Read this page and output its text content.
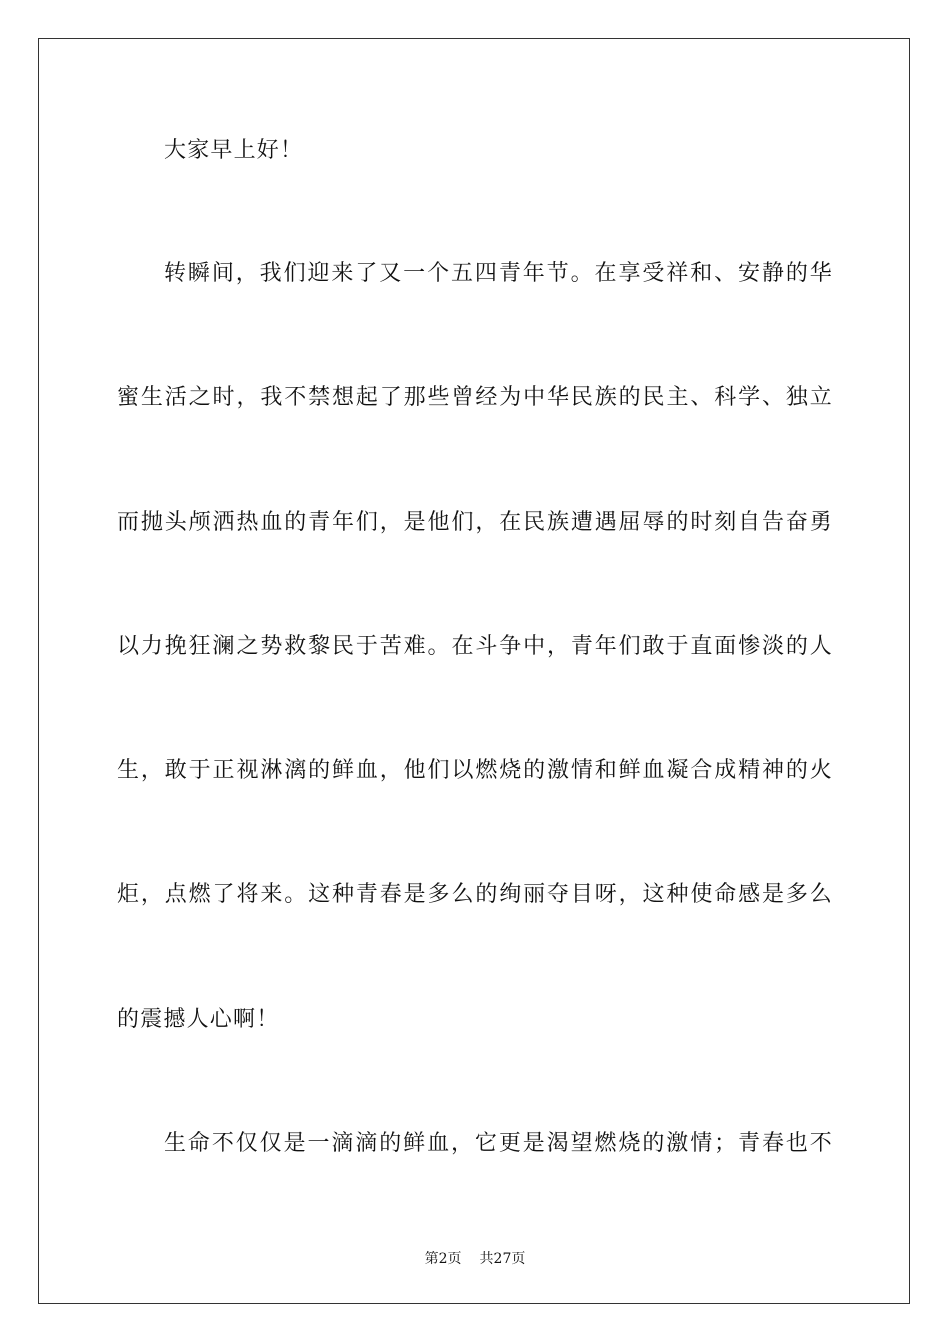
大家早上好！
转瞬间，我们迎来了又一个五四青年节。在享受祥和、安静的华
蜜生活之时，我不禁想起了那些曾经为中华民族的民主、科学、独立
而抛头颅洒热血的青年们，是他们，在民族遭遇屈辱的时刻自告奋勇
以力挽狂澜之势救黎民于苦难。在斗争中，青年们敢于直面惨淡的人
生，敢于正视淋漓的鲜血，他们以燃烧的激情和鲜血凝合成精神的火
炬，点燃了将来。这种青春是多么的绚丽夺目呀，这种使命感是多么
的震撼人心啊！
生命不仅仅是一滴滴的鲜血，它更是渴望燃烧的激情；青春也不
第2页 共27页
